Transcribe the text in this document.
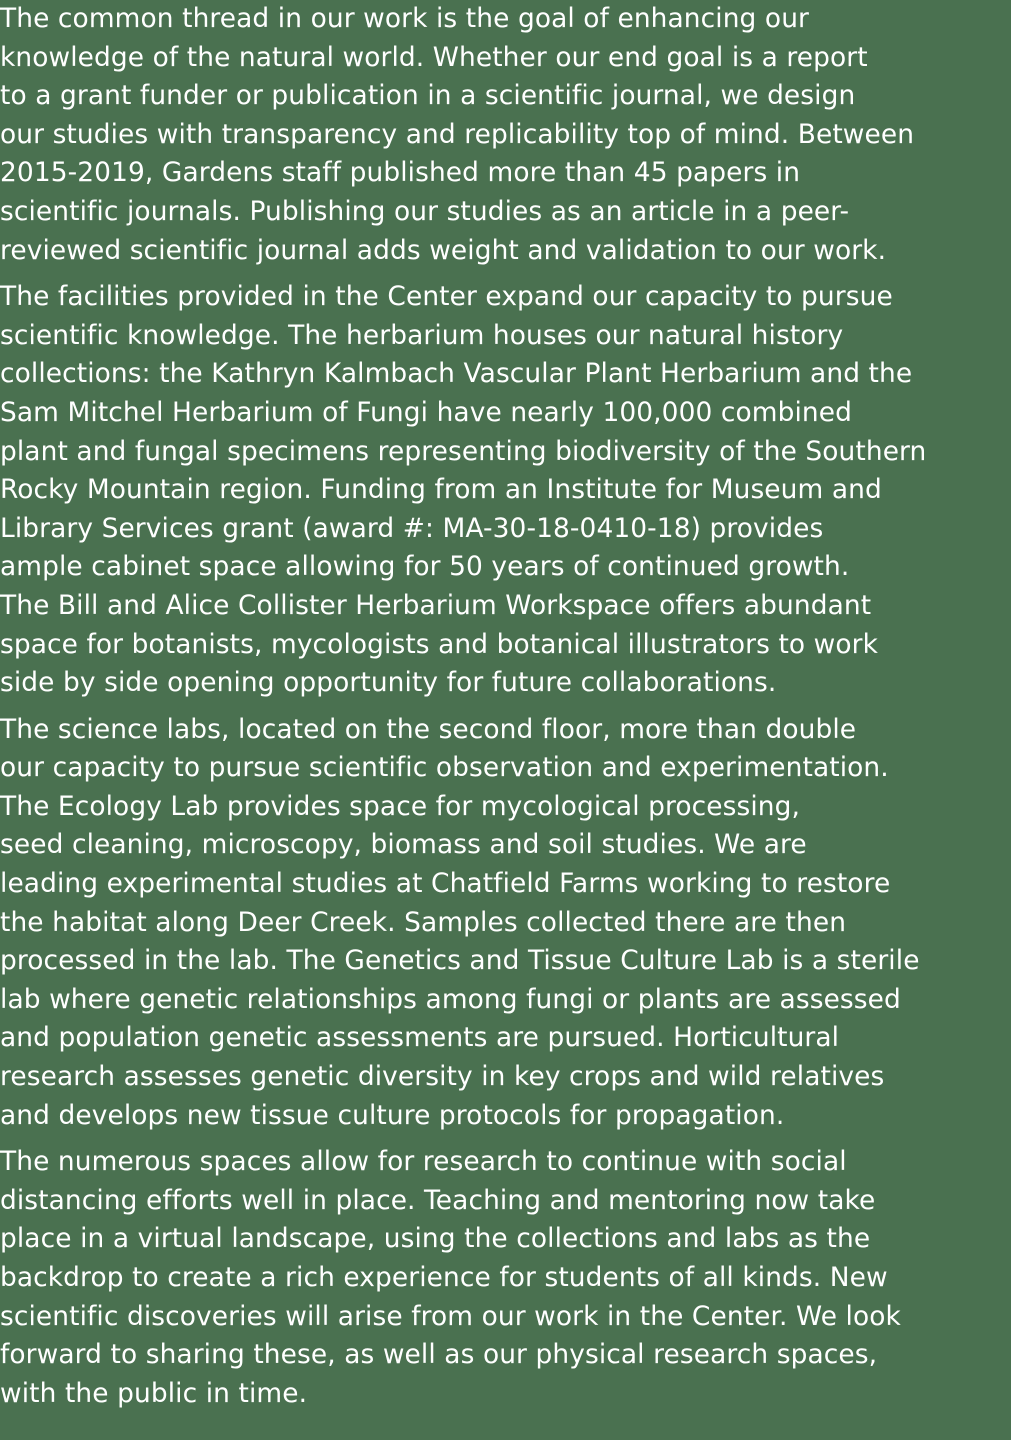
The common thread in our work is the goal of enhancing our
knowledge of the natural world. Whether our end goal is a report
to a grant funder or publication in a scientific journal, we design
our studies with transparency and replicability top of mind. Between
2015-2019, Gardens staff published more than 45 papers in
scientific journals. Publishing our studies as an article in a peer-
reviewed scientific journal adds weight and validation to our work.

The facilities provided in the Center expand our capacity to pursue
scientific knowledge. The herbarium houses our natural history
collections: the Kathryn Kalmbach Vascular Plant Herbarium and the
Sam Mitchel Herbarium of Fungi have nearly 100,000 combined
plant and fungal specimens representing biodiversity of the Southern
Rocky Mountain region. Funding from an Institute for Museum and
Library Services grant (award #: MA-30-18-0410-18) provides
ample cabinet space allowing for 50 years of continued growth.
The Bill and Alice Collister Herbarium Workspace offers abundant
space for botanists, mycologists and botanical illustrators to work
side by side opening opportunity for future collaborations.

The science labs, located on the second floor, more than double
our capacity to pursue scientific observation and experimentation.
The Ecology Lab provides space for mycological processing,
seed cleaning, microscopy, biomass and soil studies. We are
leading experimental studies at Chatfield Farms working to restore
the habitat along Deer Creek. Samples collected there are then
processed in the lab. The Genetics and Tissue Culture Lab is a sterile
lab where genetic relationships among fungi or plants are assessed
and population genetic assessments are pursued. Horticultural
research assesses genetic diversity in key crops and wild relatives
and develops new tissue culture protocols for propagation.

The numerous spaces allow for research to continue with social
distancing efforts well in place. Teaching and mentoring now take
place in a virtual landscape, using the collections and labs as the
backdrop to create a rich experience for students of all kinds. New
scientific discoveries will arise from our work in the Center. We look
forward to sharing these, as well as our physical research spaces,
with the public in time.
